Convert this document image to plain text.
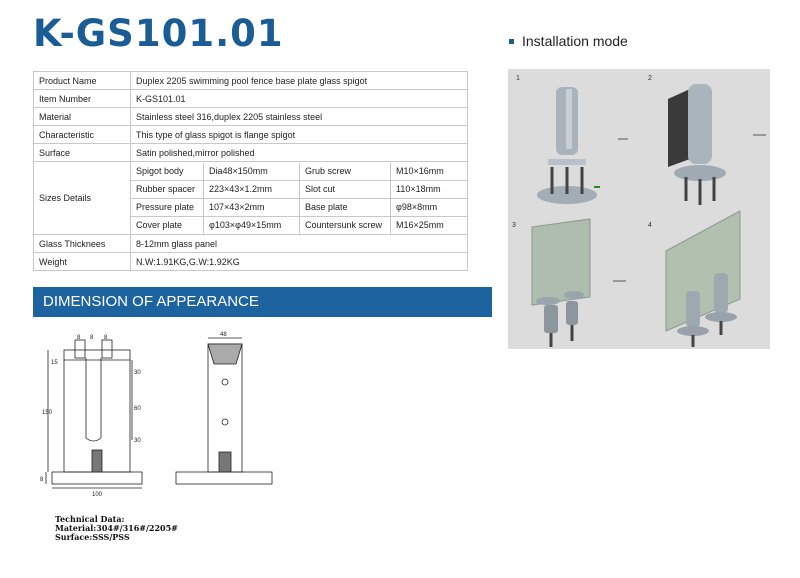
K-GS101.01	Installation mode
Product Name	Duplex 2205 swimming pool fence base plate glass spigot
Item Number	K-GS101.01
Material	Stainless steel 316,duplex 2205 stainless steel
Characteristic	This type of glass spigot is flange spigot
Surface	Satin polished,mirror polished
Sizes Details	
Spigot body	Dia48×150mm	Grub screw	M10×16mm
Rubber spacer	223×43×1.2mm	Slot cut	110×18mm
Pressure plate	107×43×2mm	Base plate	φ98×8mm
Cover plate	φ103×φ49×15mm	Countersunk screw	M16×25mm

Glass Thicknees	8-12mm glass panel
Weight	N.W:1.91KG,G.W:1.92KG
DIMENSION OF APPEARANCE
1	2
3	4
8 8 8
30
60
30
150
15
8
100
48
Technical Data:
Material:304#/316#/2205#
Surface:SSS/PSS
